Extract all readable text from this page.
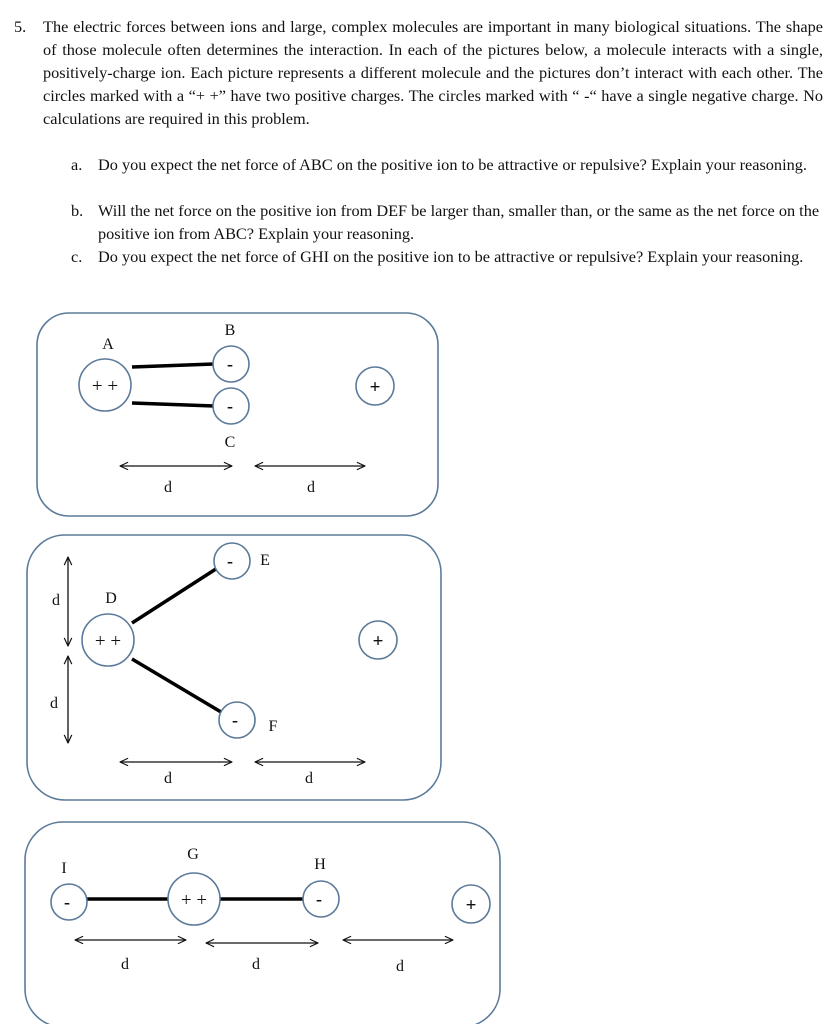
5. The electric forces between ions and large, complex molecules are important in many biological situations. The shape of those molecule often determines the interaction. In each of the pictures below, a molecule interacts with a single, positively-charge ion. Each picture represents a different molecule and the pictures don’t interact with each other. The circles marked with a “+ +” have two positive charges. The circles marked with “ -“ have a single negative charge. No calculations are required in this problem.
a. Do you expect the net force of ABC on the positive ion to be attractive or repulsive? Explain your reasoning.
b. Will the net force on the positive ion from DEF be larger than, smaller than, or the same as the net force on the positive ion from ABC? Explain your reasoning.
c. Do you expect the net force of GHI on the positive ion to be attractive or repulsive? Explain your reasoning.
+ +
-
-
+
A
B
C
d	d
+ +
-
-
+
D
E
F
d
d
d	d
-	+ +	-	+
G
H
I
d	d	d
